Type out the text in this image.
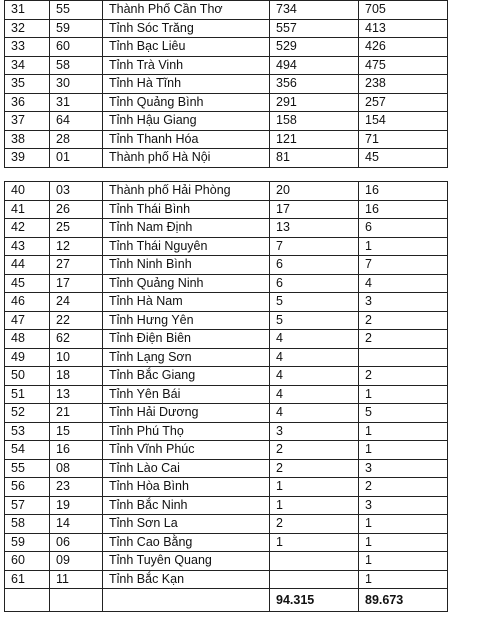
31	55	Thành Phố Cần Thơ	734	705
32	59	Tỉnh Sóc Trăng	557	413
33	60	Tỉnh Bạc Liêu	529	426
34	58	Tỉnh Trà Vinh	494	475
35	30	Tỉnh Hà Tĩnh	356	238
36	31	Tỉnh Quảng Bình	291	257
37	64	Tỉnh Hậu Giang	158	154
38	28	Tỉnh Thanh Hóa	121	71
39	01	Thành phố Hà Nội	81	45
40	03	Thành phố Hải Phòng	20	16
41	26	Tỉnh Thái Bình	17	16
42	25	Tỉnh Nam Định	13	6
43	12	Tỉnh Thái Nguyên	7	1
44	27	Tỉnh Ninh Bình	6	7
45	17	Tỉnh Quảng Ninh	6	4
46	24	Tỉnh Hà Nam	5	3
47	22	Tỉnh Hưng Yên	5	2
48	62	Tỉnh Điện Biên	4	2
49	10	Tỉnh Lạng Sơn	4	
50	18	Tỉnh Bắc Giang	4	2
51	13	Tỉnh Yên Bái	4	1
52	21	Tỉnh Hải Dương	4	5
53	15	Tỉnh Phú Thọ	3	1
54	16	Tỉnh Vĩnh Phúc	2	1
55	08	Tỉnh Lào Cai	2	3
56	23	Tỉnh Hòa Bình	1	2
57	19	Tỉnh Bắc Ninh	1	3
58	14	Tỉnh Sơn La	2	1
59	06	Tỉnh Cao Bằng	1	1
60	09	Tỉnh Tuyên Quang		1
61	11	Tỉnh Bắc Kạn		1
			94.315	89.673
